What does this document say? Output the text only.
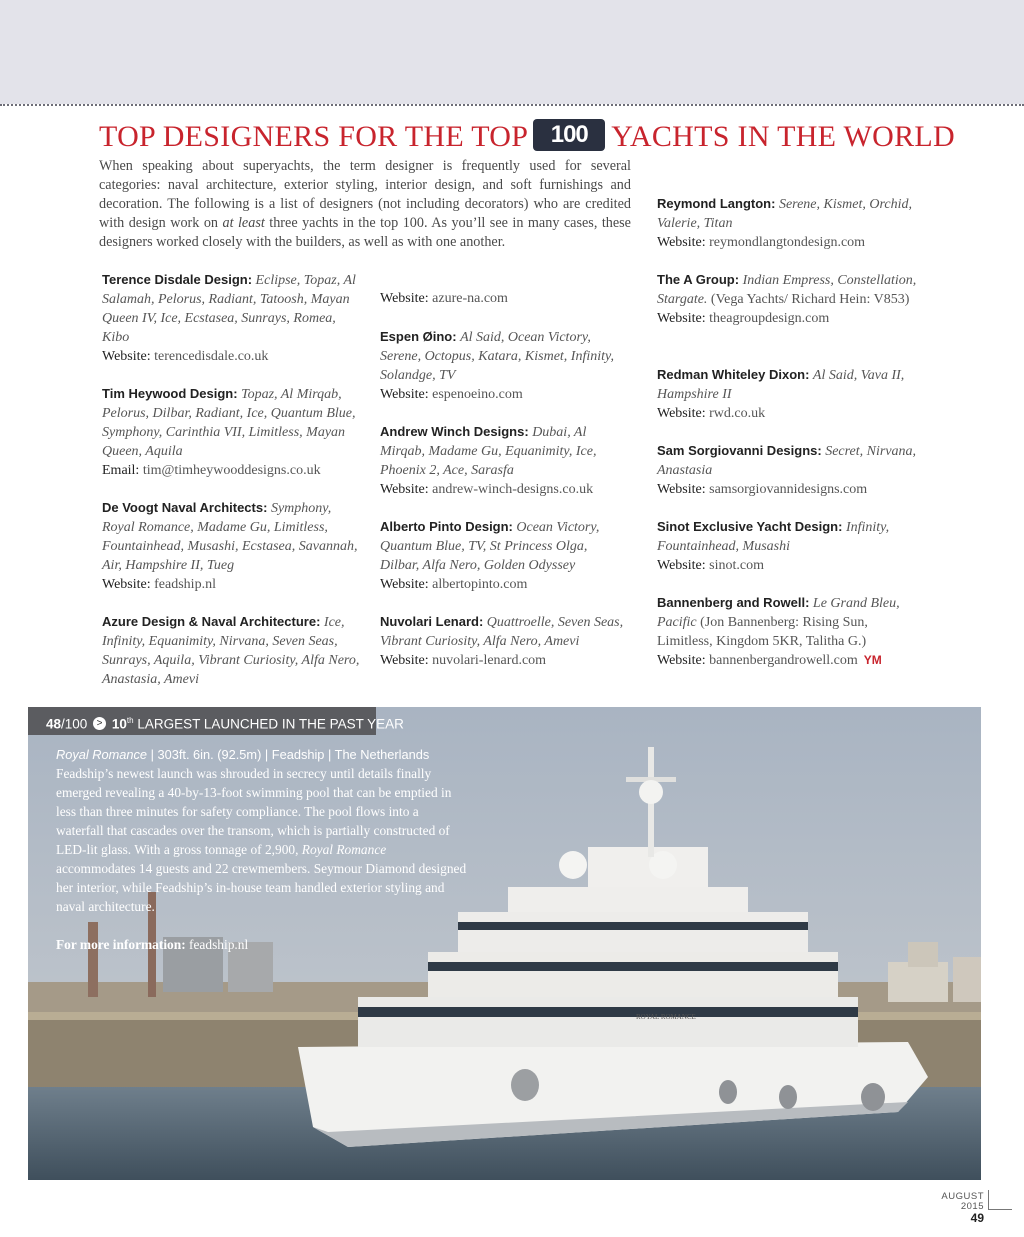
TOP DESIGNERS FOR THE TOP 100 YACHTS IN THE WORLD

When speaking about superyachts, the term designer is frequently used for several categories: naval architecture, exterior styling, interior design, and soft furnishings and decoration. The following is a list of designers (not including decorators) who are credited with design work on at least three yachts in the top 100. As you’ll see in many cases, these designers worked closely with the builders, as well as with one another.

Terence Disdale Design: Eclipse, Topaz, Al Salamah, Pelorus, Radiant, Tatoosh, Mayan Queen IV, Ice, Ecstasea, Sunrays, Romea, Kibo
Website: terencedisdale.co.uk
Tim Heywood Design: Topaz, Al Mirqab, Pelorus, Dilbar, Radiant, Ice, Quantum Blue, Symphony, Carinthia VII, Limitless, Mayan Queen, Aquila
Email: tim@timheywooddesigns.co.uk
De Voogt Naval Architects: Symphony, Royal Romance, Madame Gu, Limitless, Fountainhead, Musashi, Ecstasea, Savannah, Air, Hampshire II, Tueg
Website: feadship.nl
Azure Design & Naval Architecture: Ice, Infinity, Equanimity, Nirvana, Seven Seas, Sunrays, Aquila, Vibrant Curiosity, Alfa Nero, Anastasia, Amevi
Website: azure-na.com
Espen Øino: Al Said, Ocean Victory, Serene, Octopus, Katara, Kismet, Infinity, Solandge, TV
Website: espenoeino.com
Andrew Winch Designs: Dubai, Al Mirqab, Madame Gu, Equanimity, Ice, Phoenix 2, Ace, Sarasfa
Website: andrew-winch-designs.co.uk
Alberto Pinto Design: Ocean Victory, Quantum Blue, TV, St Princess Olga, Dilbar, Alfa Nero, Golden Odyssey
Website: albertopinto.com
Nuvolari Lenard: Quattroelle, Seven Seas, Vibrant Curiosity, Alfa Nero, Amevi
Website: nuvolari-lenard.com
Reymond Langton: Serene, Kismet, Orchid, Valerie, Titan
Website: reymondlangtondesign.com
The A Group: Indian Empress, Constellation, Stargate. (Vega Yachts/ Richard Hein: V853)
Website: theagroupdesign.com
Redman Whiteley Dixon: Al Said, Vava II, Hampshire II
Website: rwd.co.uk
Sam Sorgiovanni Designs: Secret, Nirvana, Anastasia
Website: samsorgiovannidesigns.com
Sinot Exclusive Yacht Design: Infinity, Fountainhead, Musashi
Website: sinot.com
Bannenberg and Rowell: Le Grand Bleu, Pacific (Jon Bannenberg: Rising Sun, Limitless, Kingdom 5KR, Talitha G.)
Website: bannenbergandrowell.com YM
ROYAL ROMANCE
48/100 > 10th LARGEST LAUNCHED IN THE PAST YEAR
Royal Romance | 303ft. 6in. (92.5m) | Feadship | The Netherlands
Feadship’s newest launch was shrouded in secrecy until details finally emerged revealing a 40-by-13-foot swimming pool that can be emptied in less than three minutes for safety compliance. The pool flows into a waterfall that cascades over the transom, which is partially constructed of LED-lit glass. With a gross tonnage of 2,900, Royal Romance accommodates 14 guests and 22 crewmembers. Seymour Diamond designed her interior, while Feadship’s in-house team handled exterior styling and naval architecture.
For more information: feadship.nl
AUGUST
2015
49
